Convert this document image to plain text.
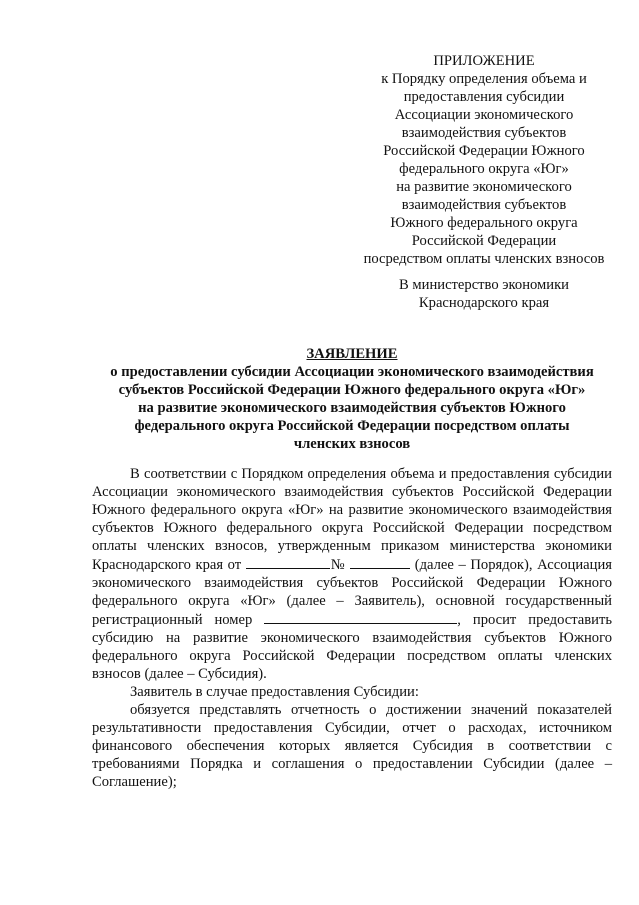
ПРИЛОЖЕНИЕ
к Порядку определения объема и
предоставления субсидии
Ассоциации экономического
взаимодействия субъектов
Российской Федерации Южного
федерального округа «Юг»
на развитие экономического
взаимодействия субъектов
Южного федерального округа
Российской Федерации
посредством оплаты членских взносов
В министерство экономики
Краснодарского края
ЗАЯВЛЕНИЕ
о предоставлении субсидии Ассоциации экономического взаимодействия
субъектов Российской Федерации Южного федерального округа «Юг»
на развитие экономического взаимодействия субъектов Южного
федерального округа Российской Федерации посредством оплаты
членских взносов

В соответствии с Порядком определения объема и предоставления субсидии Ассоциации экономического взаимодействия субъектов Российской Федерации Южного федерального округа «Юг» на развитие экономического взаимодействия субъектов Южного федерального округа Российской Федерации посредством оплаты членских взносов, утвержденным приказом министерства экономики Краснодарского края от	№	(далее – Порядок), Ассоциация экономического взаимодействия субъектов Российской Федерации Южного федерального округа «Юг» (далее – Заявитель), основной государственный регистрационный номер	, просит предоставить субсидию на развитие экономического взаимодействия субъектов Южного федерального округа Российской Федерации посредством оплаты членских взносов (далее – Субсидия).

Заявитель в случае предоставления Субсидии:

обязуется представлять отчетность о достижении значений показателей результативности предоставления Субсидии, отчет о расходах, источником финансового обеспечения которых является Субсидия в соответствии с требованиями Порядка и соглашения о предоставлении Субсидии (далее – Соглашение);
